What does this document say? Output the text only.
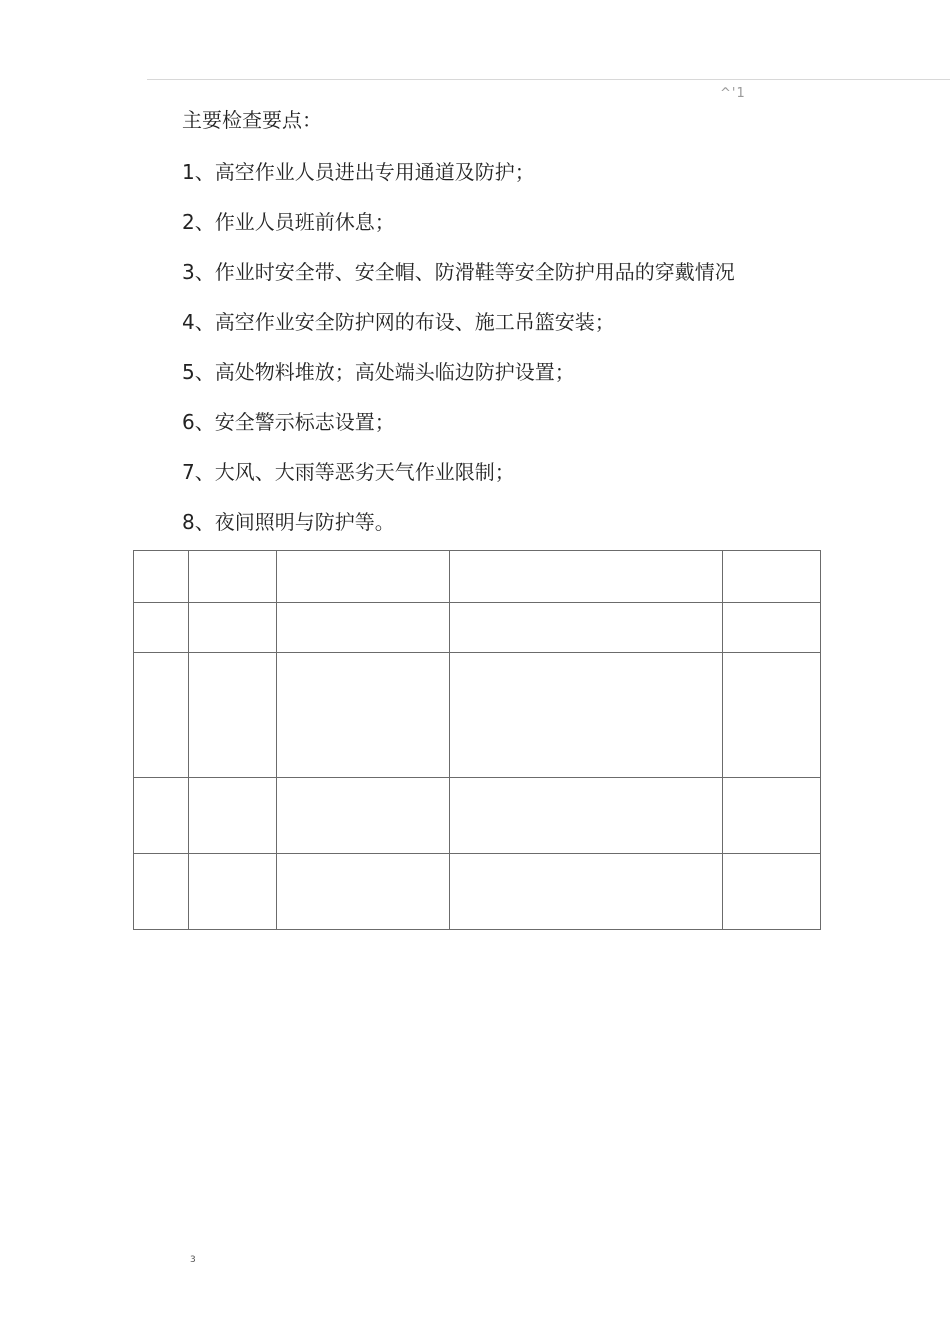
^'1
主要检查要点：
1、高空作业人员进出专用通道及防护；
2、作业人员班前休息；
3、作业时安全带、安全帽、防滑鞋等安全防护用品的穿戴情况
4、高空作业安全防护网的布设、施工吊篮安装；
5、高处物料堆放；高处端头临边防护设置；
6、安全警示标志设置；
7、大风、大雨等恶劣天气作业限制；
8、夜间照明与防护等。

3
